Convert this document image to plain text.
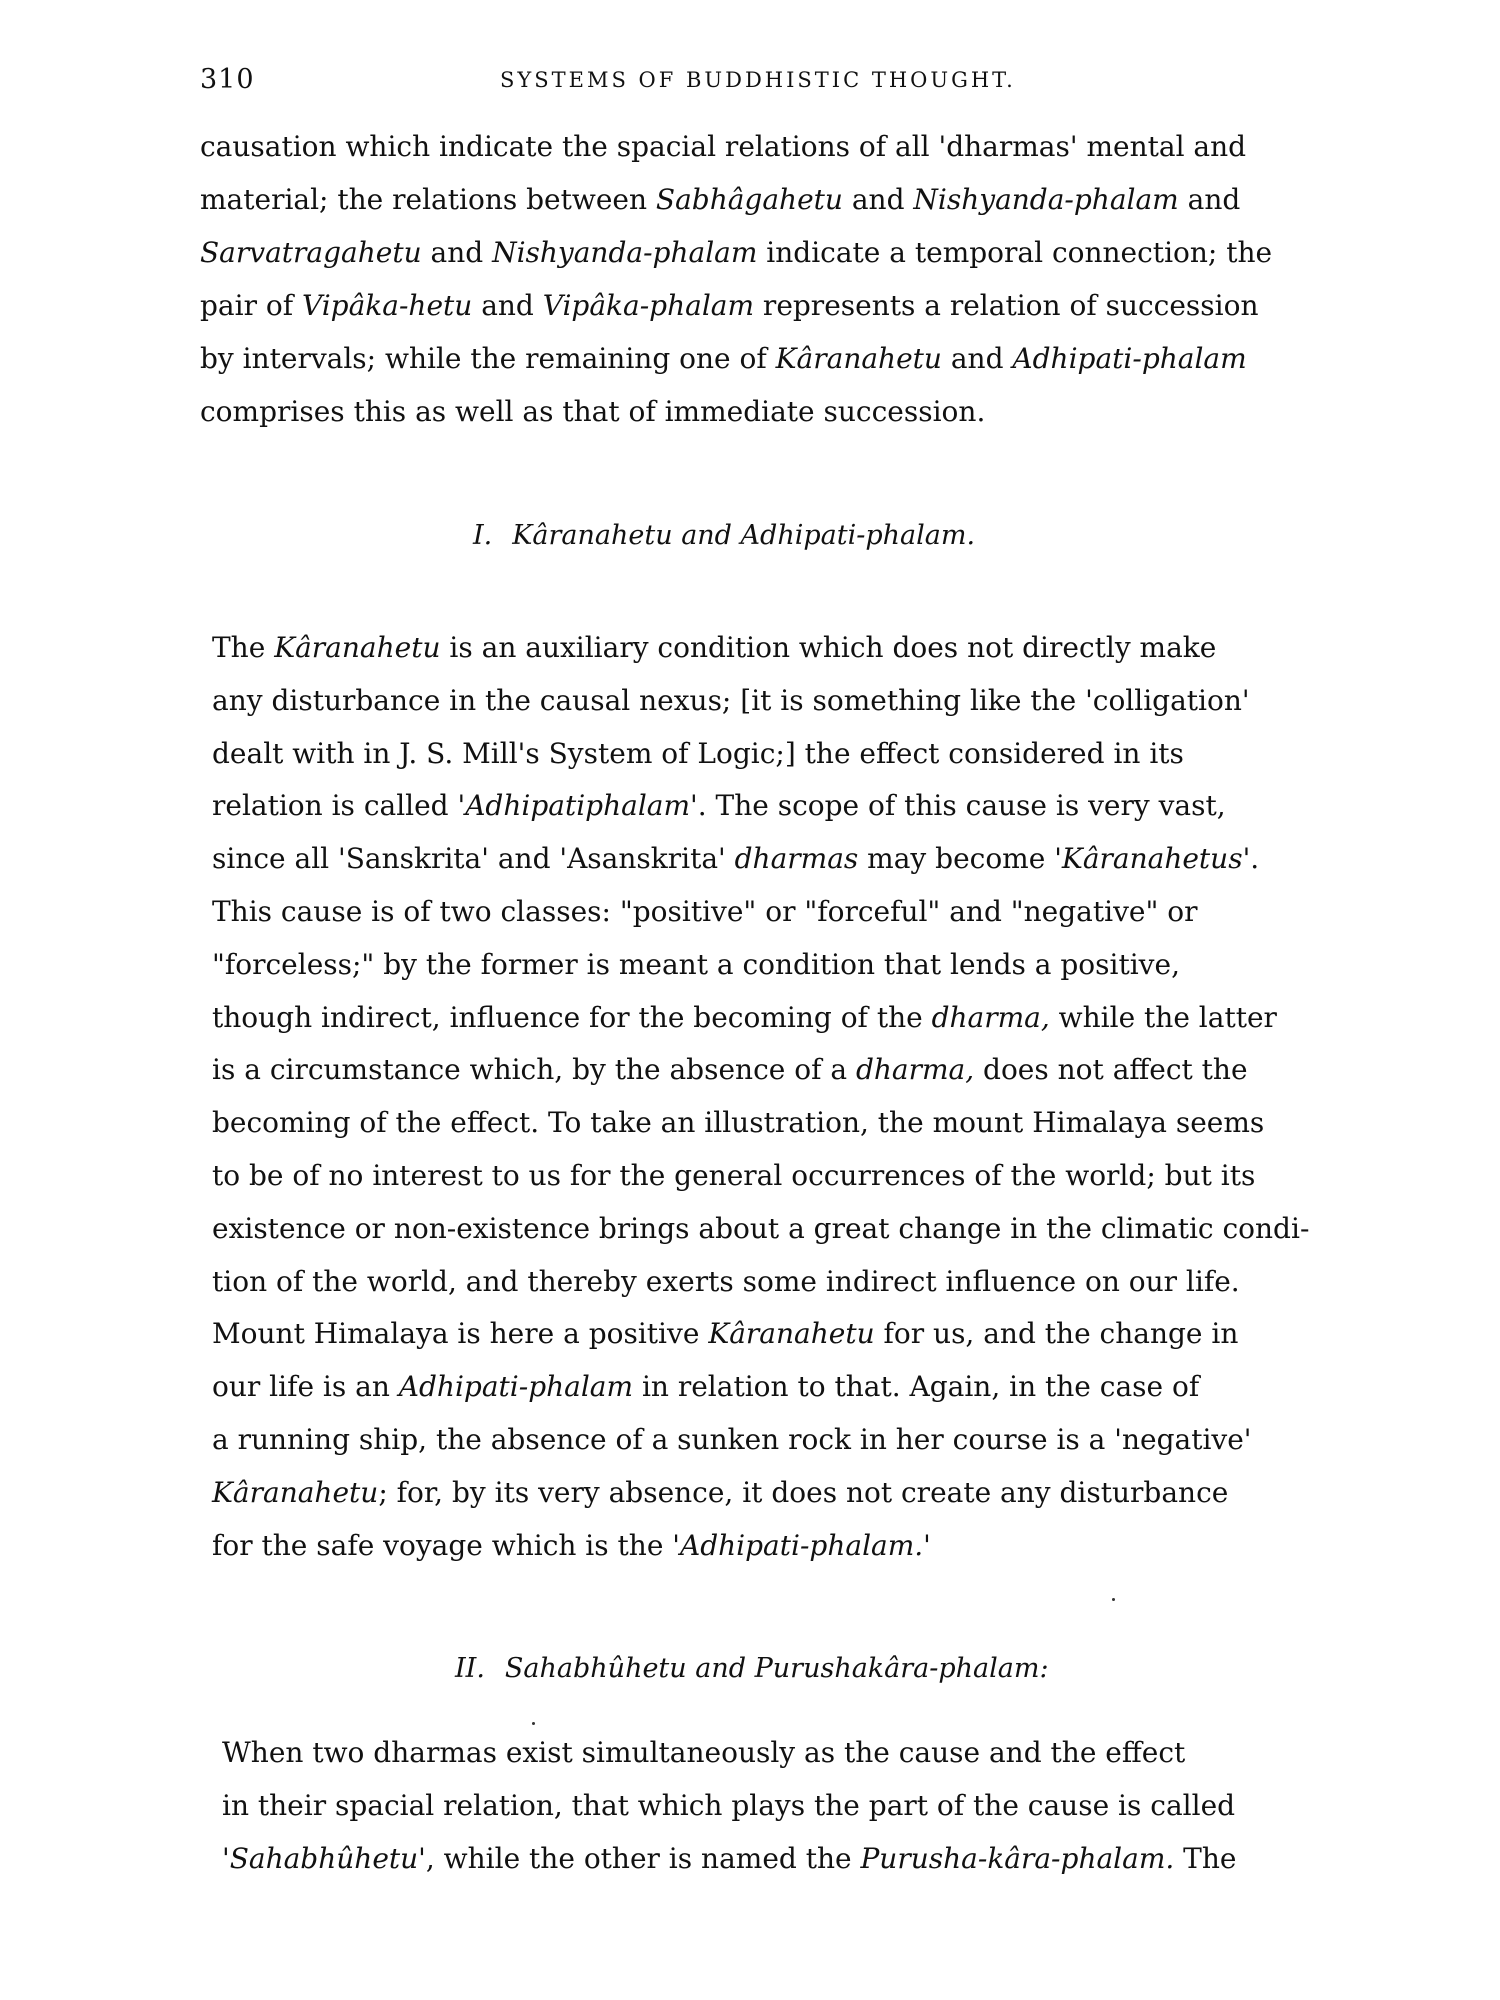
310	SYSTEMS OF BUDDHISTIC THOUGHT.
causation which indicate the spacial relations of all 'dharmas' mental and
material; the relations between Sabhâgahetu and Nishyanda-phalam and
Sarvatragahetu and Nishyanda-phalam indicate a temporal connection; the
pair of Vipâka-hetu and Vipâka-phalam represents a relation of succession
by intervals; while the remaining one of Kâranahetu and Adhipati-phalam
comprises this as well as that of immediate succession.
I. Kâranahetu and Adhipati-phalam.
The Kâranahetu is an auxiliary condition which does not directly make
any disturbance in the causal nexus; [it is something like the 'colligation'
dealt with in J. S. Mill's System of Logic;] the effect considered in its
relation is called 'Adhipatiphalam'. The scope of this cause is very vast,
since all 'Sanskrita' and 'Asanskrita' dharmas may become 'Kâranahetus'.
This cause is of two classes: "positive" or "forceful" and "negative" or
"forceless;" by the former is meant a condition that lends a positive,
though indirect, influence for the becoming of the dharma, while the latter
is a circumstance which, by the absence of a dharma, does not affect the
becoming of the effect. To take an illustration, the mount Himalaya seems
to be of no interest to us for the general occurrences of the world; but its
existence or non-existence brings about a great change in the climatic condi-
tion of the world, and thereby exerts some indirect influence on our life.
Mount Himalaya is here a positive Kâranahetu for us, and the change in
our life is an Adhipati-phalam in relation to that. Again, in the case of
a running ship, the absence of a sunken rock in her course is a 'negative'
Kâranahetu; for, by its very absence, it does not create any disturbance
for the safe voyage which is the 'Adhipati-phalam.'
II. Sahabhûhetu and Purushakâra-phalam:
When two dharmas exist simultaneously as the cause and the effect
in their spacial relation, that which plays the part of the cause is called
'Sahabhûhetu', while the other is named the Purusha-kâra-phalam. The
